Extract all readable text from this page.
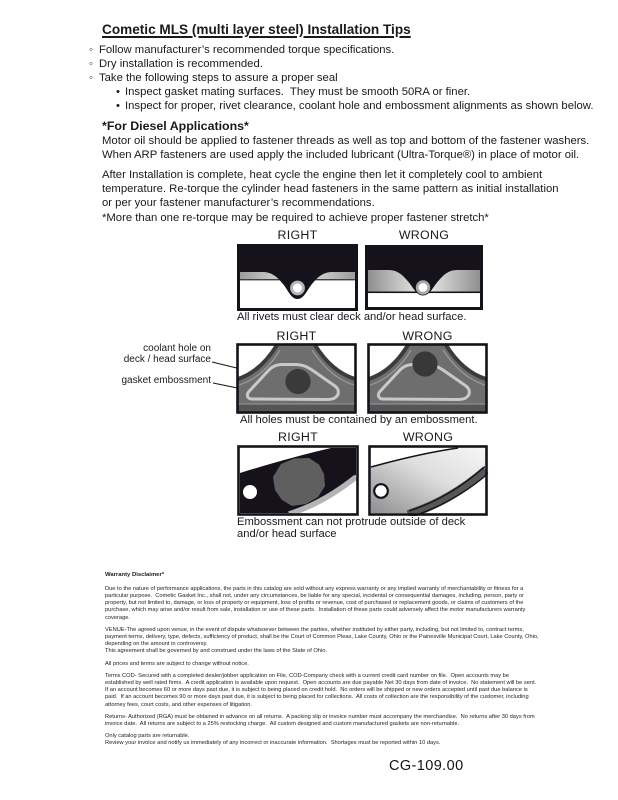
Cometic MLS (multi layer steel) Installation Tips
◦ Follow manufacturer’s recommended torque specifications.
◦ Dry installation is recommended.
◦ Take the following steps to assure a proper seal
• Inspect gasket mating surfaces.  They must be smooth 50RA or finer.
• Inspect for proper, rivet clearance, coolant hole and embossment alignments as shown below.
*For Diesel Applications*
Motor oil should be applied to fastener threads as well as top and bottom of the fastener washers.
When ARP fasteners are used apply the included lubricant (Ultra-Torque®) in place of motor oil.
After Installation is complete, heat cycle the engine then let it completely cool to ambient
temperature. Re-torque the cylinder head fasteners in the same pattern as initial installation
or per your fastener manufacturer’s recommendations.
*More than one re-torque may be required to achieve proper fastener stretch*
RIGHT	WRONG
All rivets must clear deck and/or head surface.
RIGHT	WRONG
coolant hole on
deck / head surface
gasket embossment
All holes must be contained by an embossment.
RIGHT	WRONG
Embossment can not protrude outside of deck
and/or head surface

Warranty Disclaimer*

Due to the nature of performance applications, the parts in this catalog are sold without any express warranty or any implied warranty of merchantability or fitness for a particular purpose.  Cometic Gasket Inc., shall not, under any circumstances, be liable for any special, incidental or consequential damages, including, person, party or property, but not limited to, damage, or loss of property or equipment, loss of profits or revenue, cost of purchased or replacement goods, or claims of customers of the purchase, which may arise and/or result from sale, installation or use of these parts.  Installation of these parts could adversely affect the motor manufacturers warranty coverage.

VENUE-The agreed upon venue, in the event of dispute whatsoever between the parties, whether instituted by either party, including, but not limited to, contract terms, payment terms, delivery, type, defects, sufficiency of product, shall be the Court of Common Pleas, Lake County, Ohio or the Painesville Municipal Court, Lake County, Ohio, depending on the amount in controversy.

This agreement shall be governed by and construed under the laws of the State of Ohio.

All prices and terms are subject to change without notice.

Terms COD- Secured with a completed dealer/jobber application on File, COD-Company check with a current credit card number on file.  Open accounts may be established by well rated firms.  A credit application is available upon request.  Open accounts are due payable Net 30 days from date of invoice.  No statement will be sent.  If an account becomes 60 or more days past due, it is subject to being placed on credit hold.  No orders will be shipped or new orders accepted until past due balance is paid.  If an account becomes 90 or more days past due, it is subject to being placed for collections.  All costs of collection are the responsibility of the customer, including attorney fees, court costs, and other expenses of litigation.

Returns- Authorized (RGA) must be obtained in advance on all returns.  A packing slip or invoice number must accompany the merchandise.  No returns after 30 days from invoice date.  All returns are subject to a 25% restocking charge.  All custom designed and custom manufactured gaskets are non-returnable.

Only catalog parts are returnable.

Review your invoice and notify us immediately of any incorrect or inaccurate information.  Shortages must be reported within 10 days.

CG-109.00
